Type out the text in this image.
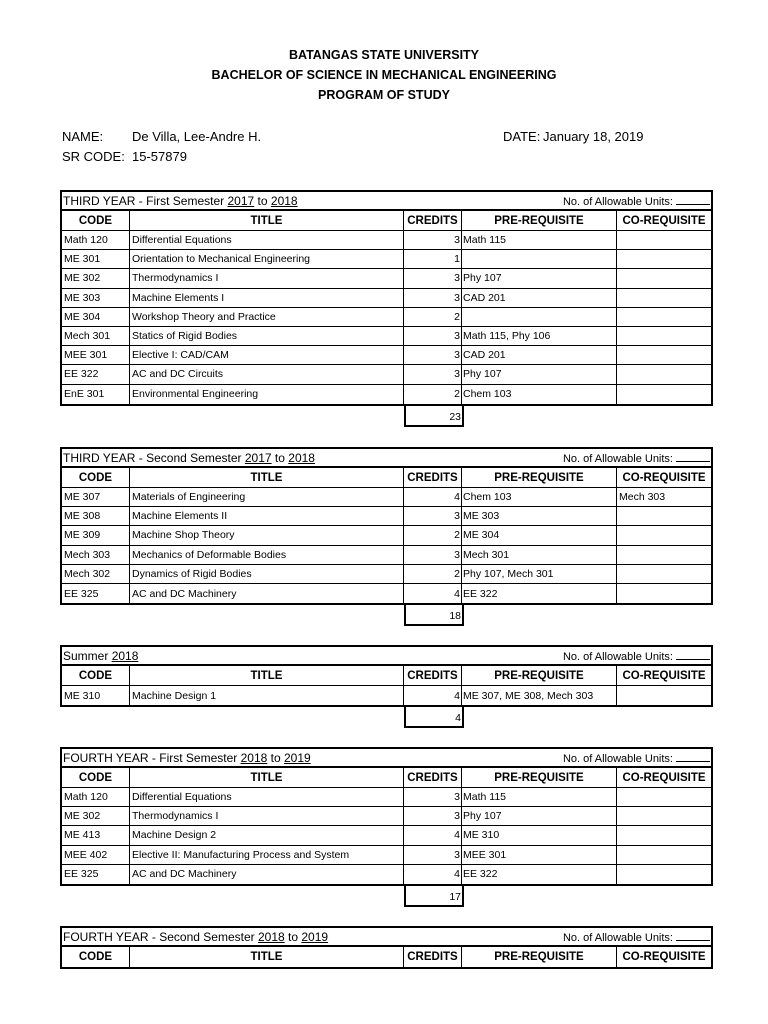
BATANGAS STATE UNIVERSITY
BACHELOR OF SCIENCE IN MECHANICAL ENGINEERING
PROGRAM OF STUDY
NAME: De Villa, Lee-Andre H.
SR CODE: 15-57879
DATE: January 18, 2019
THIRD YEAR - First Semester 2017 to 2018	No. of Allowable Units:
CODE	TITLE	CREDITS	PRE-REQUISITE	CO-REQUISITE
Math 120	Differential Equations	3 Math 115
ME 301	Orientation to Mechanical Engineering	1
ME 302	Thermodynamics I	3 Phy 107
ME 303	Machine Elements I	3 CAD 201
ME 304	Workshop Theory and Practice	2
Mech 301	Statics of Rigid Bodies	3 Math 115, Phy 106
MEE 301	Elective I: CAD/CAM	3 CAD 201
EE 322	AC and DC Circuits	3 Phy 107
EnE 301	Environmental Engineering	2 Chem 103
23
THIRD YEAR - Second Semester 2017 to 2018	No. of Allowable Units:
CODE	TITLE	CREDITS	PRE-REQUISITE	CO-REQUISITE
ME 307	Materials of Engineering	4 Chem 103	Mech 303
ME 308	Machine Elements II	3 ME 303
ME 309	Machine Shop Theory	2 ME 304
Mech 303	Mechanics of Deformable Bodies	3 Mech 301
Mech 302	Dynamics of Rigid Bodies	2 Phy 107, Mech 301
EE 325	AC and DC Machinery	4 EE 322
18
Summer 2018	No. of Allowable Units:
CODE	TITLE	CREDITS	PRE-REQUISITE	CO-REQUISITE
ME 310	Machine Design 1	4 ME 307, ME 308, Mech 303
4
FOURTH YEAR - First Semester 2018 to 2019	No. of Allowable Units:
CODE	TITLE	CREDITS	PRE-REQUISITE	CO-REQUISITE
Math 120	Differential Equations	3 Math 115
ME 302	Thermodynamics I	3 Phy 107
ME 413	Machine Design 2	4 ME 310
MEE 402	Elective II: Manufacturing Process and System	3 MEE 301
EE 325	AC and DC Machinery	4 EE 322
17
FOURTH YEAR - Second Semester 2018 to 2019	No. of Allowable Units:
CODE	TITLE	CREDITS	PRE-REQUISITE	CO-REQUISITE
